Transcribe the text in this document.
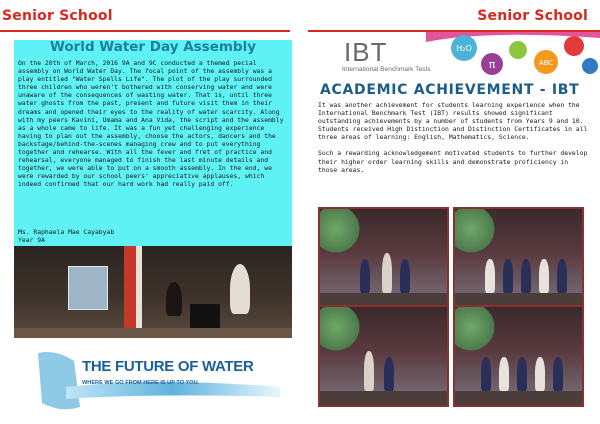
Senior School
World Water Day Assembly
On the 20th of March, 2016 9A and 9C conducted a themed pecial assembly on World Water Day. The focal point of the assembly was a play entitled "Water Spells Life". The plot of the play surrounded three children who weren't bothered with conserving water and were unaware of the consequences of wasting water. That is, until three water ghosts from the past, present and future visit them in their dreams and opened their eyes to the reality of water scarcity. Along with my peers Kavini, Umama and Ana Vida, the script and the assembly as a whole came to life. It was a fun yet challenging experience having to plan out the assembly, choose the actors, dancers and the backstage/behind-the-scenes managing crew and to put everything together and rehearse. With all the fever and fret of practice and rehearsal, everyone managed to finish the last minute details and together, we were able to put on a smooth assembly. In the end, we were rewarded by our school peers' appreciative applauses, which indeed confirmed that our hard work had really paid off.
Ms. Raphaela Mae Cayabyab
Year 9A
THE FUTURE OF WATER
WHERE WE GO FROM HERE IS UP TO YOU.
Senior School
IBT
International Benchmark Tests
H₂O
π	ABC
ACADEMIC ACHIEVEMENT - IBT

It was another achievement for students learning experience when the International Benchmark Test (IBT) results showed significant outstanding achievements by a number of students from Years 9 and 10. Students received High Distinction and Distinction Certificates in all three areas of learning: English, Mathematics, Science.

Such a rewarding acknowledgement motivated students to further develop their higher order learning skills and demonstrate proficiency in those areas.
